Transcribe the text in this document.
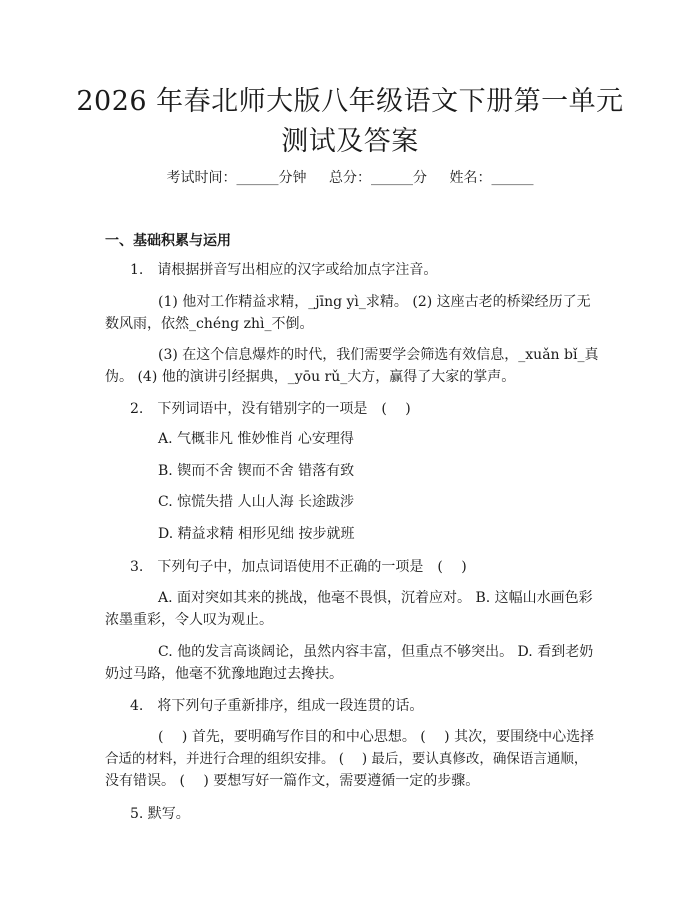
2026 年春北师大版八年级语文下册第一单元
测试及答案
考试时间：______分钟 总分：______分 姓名：______
一、基础积累与运用
1.　请根据拼音写出相应的汉字或给加点字注音。
(1) 他对工作精益求精，_jīng yì_求精。 (2) 这座古老的桥梁经历了无
数风雨，依然_chéng zhì_不倒。
(3) 在这个信息爆炸的时代，我们需要学会筛选有效信息，_xuǎn bǐ_真
伪。 (4) 他的演讲引经据典，_yōu rǔ_大方，赢得了大家的掌声。
2.　下列词语中，没有错别字的一项是　( 　)
A. 气概非凡 惟妙惟肖 心安理得
B. 锲而不舍 锲而不舍 错落有致
C. 惊慌失措 人山人海 长途跋涉
D. 精益求精 相形见绌 按步就班
3.　下列句子中，加点词语使用不正确的一项是　( 　)
A. 面对突如其来的挑战，他毫不畏惧，沉着应对。 B. 这幅山水画色彩
浓墨重彩，令人叹为观止。
C. 他的发言高谈阔论，虽然内容丰富，但重点不够突出。 D. 看到老奶
奶过马路，他毫不犹豫地跑过去搀扶。
4.　将下列句子重新排序，组成一段连贯的话。
( 　) 首先，要明确写作目的和中心思想。 ( 　) 其次，要围绕中心选择
合适的材料，并进行合理的组织安排。 ( 　) 最后，要认真修改，确保语言通顺，
没有错误。 ( 　) 要想写好一篇作文，需要遵循一定的步骤。
5. 默写。
